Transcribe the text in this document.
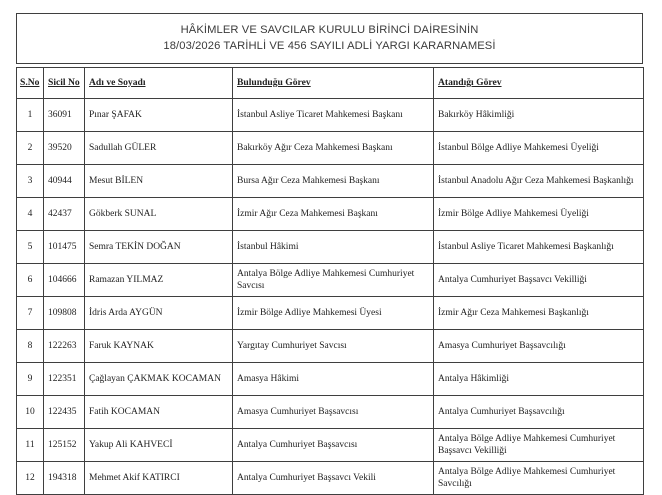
HÂKİMLER VE SAVCILAR KURULU BİRİNCİ DAİRESİNİN
18/03/2026 TARİHLİ VE 456 SAYILI ADLİ YARGI KARARNAMESİ
S.No	Sicil No	Adı ve Soyadı	Bulunduğu Görev	Atandığı Görev
1	36091	Pınar ŞAFAK	İstanbul Asliye Ticaret Mahkemesi Başkanı	Bakırköy Hâkimliği
2	39520	Sadullah GÜLER	Bakırköy Ağır Ceza Mahkemesi Başkanı	İstanbul Bölge Adliye Mahkemesi Üyeliği
3	40944	Mesut BİLEN	Bursa Ağır Ceza Mahkemesi Başkanı	İstanbul Anadolu Ağır Ceza Mahkemesi Başkanlığı
4	42437	Gökberk SUNAL	İzmir Ağır Ceza Mahkemesi Başkanı	İzmir Bölge Adliye Mahkemesi Üyeliği
5	101475	Semra TEKİN DOĞAN	İstanbul Hâkimi	İstanbul Asliye Ticaret Mahkemesi Başkanlığı
6	104666	Ramazan YILMAZ	Antalya Bölge Adliye Mahkemesi Cumhuriyet Savcısı	Antalya Cumhuriyet Başsavcı Vekilliği
7	109808	İdris Arda AYGÜN	İzmir Bölge Adliye Mahkemesi Üyesi	İzmir Ağır Ceza Mahkemesi Başkanlığı
8	122263	Faruk KAYNAK	Yargıtay Cumhuriyet Savcısı	Amasya Cumhuriyet Başsavcılığı
9	122351	Çağlayan ÇAKMAK KOCAMAN	Amasya Hâkimi	Antalya Hâkimliği
10	122435	Fatih KOCAMAN	Amasya Cumhuriyet Başsavcısı	Antalya Cumhuriyet Başsavcılığı
11	125152	Yakup Ali KAHVECİ	Antalya Cumhuriyet Başsavcısı	Antalya Bölge Adliye Mahkemesi Cumhuriyet Başsavcı Vekilliği
12	194318	Mehmet Akif KATIRCI	Antalya Cumhuriyet Başsavcı Vekili	Antalya Bölge Adliye Mahkemesi Cumhuriyet Savcılığı
